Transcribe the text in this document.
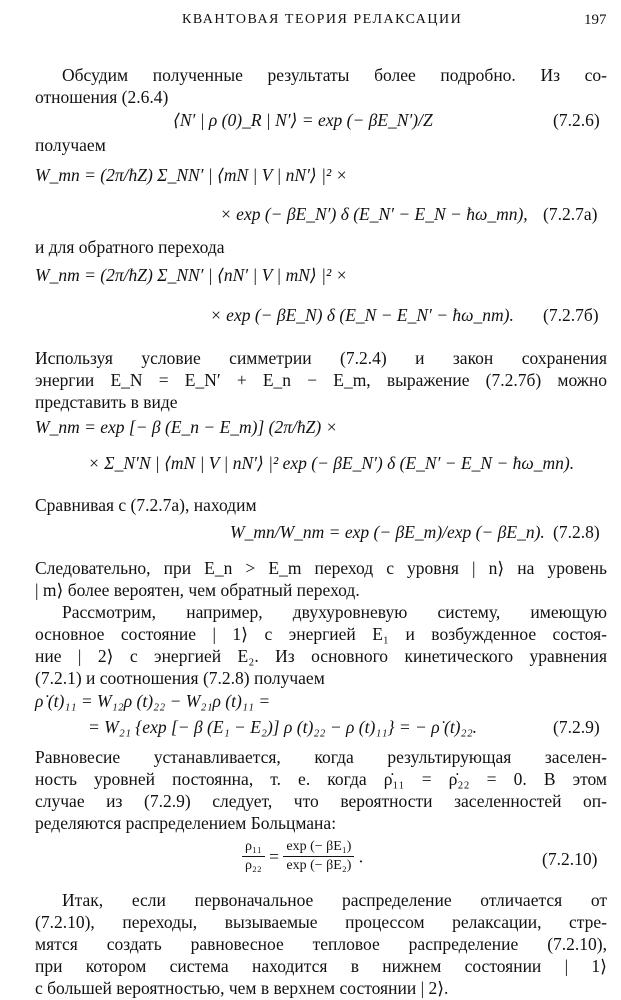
КВАНТОВАЯ ТЕОРИЯ РЕЛАКСАЦИИ	197
Обсудим полученные результаты более подробно. Из со-
отношения (2.6.4)
⟨N′ | ρ (0)_R | N′⟩ = exp (− βE_N′)/Z	(7.2.6)
получаем
W_mn = (2π/ħZ) Σ_NN′ | ⟨mN | V | nN′⟩ |² ×
× exp (− βE_N′) δ (E_N′ − E_N − ħω_mn), (7.2.7а)
и для обратного перехода
W_nm = (2π/ħZ) Σ_NN′ | ⟨nN′ | V | mN⟩ |² ×
× exp (− βE_N) δ (E_N − E_N′ − ħω_nm). (7.2.7б)
Используя условие симметрии (7.2.4) и закон сохранения
энергии E_N = E_N′ + E_n − E_m, выражение (7.2.7б) можно
представить в виде
W_nm = exp [− β (E_n − E_m)] (2π/ħZ) ×
× Σ_N′N | ⟨mN | V | nN′⟩ |² exp (− βE_N′) δ (E_N′ − E_N − ħω_mn).
Сравнивая с (7.2.7а), находим
W_mn/W_nm = exp (− βE_m)/exp (− βE_n). (7.2.8)
Следовательно, при E_n > E_m переход с уровня | n⟩ на уровень
| m⟩ более вероятен, чем обратный переход.
Рассмотрим, например, двухуровневую систему, имеющую
основное состояние | 1⟩ с энергией E₁ и возбужденное состоя-
ние | 2⟩ с энергией E₂. Из основного кинетического уравнения
(7.2.1) и соотношения (7.2.8) получаем
ρ̇ (t)₁₁ = W₁₂ρ (t)₂₂ − W₂₁ρ (t)₁₁ =
= W₂₁ {exp [− β (E₁ − E₂)] ρ (t)₂₂ − ρ (t)₁₁} = − ρ̇ (t)₂₂.	(7.2.9)
Равновесие устанавливается, когда результирующая заселен-
ность уровней постоянна, т. е. когда ρ̇₁₁ = ρ̇₂₂ = 0. В этом
случае из (7.2.9) следует, что вероятности заселенностей оп-
ределяются распределением Больцмана:
$\frac{\text{ρ₁₁}}{\text{ρ₂₂}} = \frac{\text{exp (− βE₁)}}{\text{exp (− βE₂)}}$ .	(7.2.10)
Итак, если первоначальное распределение отличается от
(7.2.10), переходы, вызываемые процессом релаксации, стре-
мятся создать равновесное тепловое распределение (7.2.10),
при котором система находится в нижнем состоянии | 1⟩
с большей вероятностью, чем в верхнем состоянии | 2⟩.
